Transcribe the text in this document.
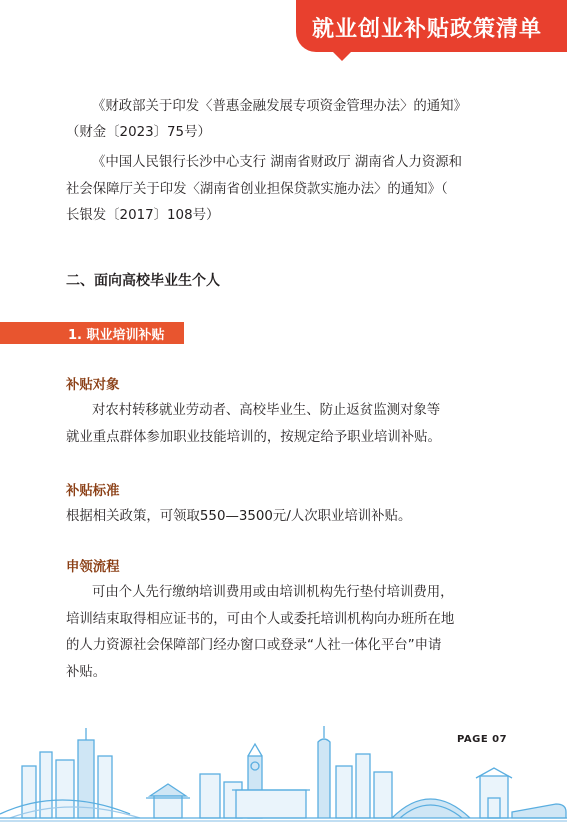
就业创业补贴政策清单

《财政部关于印发〈普惠金融发展专项资金管理办法〉的通知》

（财金〔2023〕75号）

《中国人民银行长沙中心支行 湖南省财政厅 湖南省人力资源和

社会保障厅关于印发〈湖南省创业担保贷款实施办法〉的通知》（

长银发〔2017〕108号）

二、面向高校毕业生个人

1. 职业培训补贴

补贴对象

对农村转移就业劳动者、高校毕业生、防止返贫监测对象等

就业重点群体参加职业技能培训的，按规定给予职业培训补贴。

补贴标准

根据相关政策，可领取550—3500元/人次职业培训补贴。

申领流程

可由个人先行缴纳培训费用或由培训机构先行垫付培训费用，

培训结束取得相应证书的，可由个人或委托培训机构向办班所在地

的人力资源社会保障部门经办窗口或登录“人社一体化平台”申请

补贴。

PAGE 07
